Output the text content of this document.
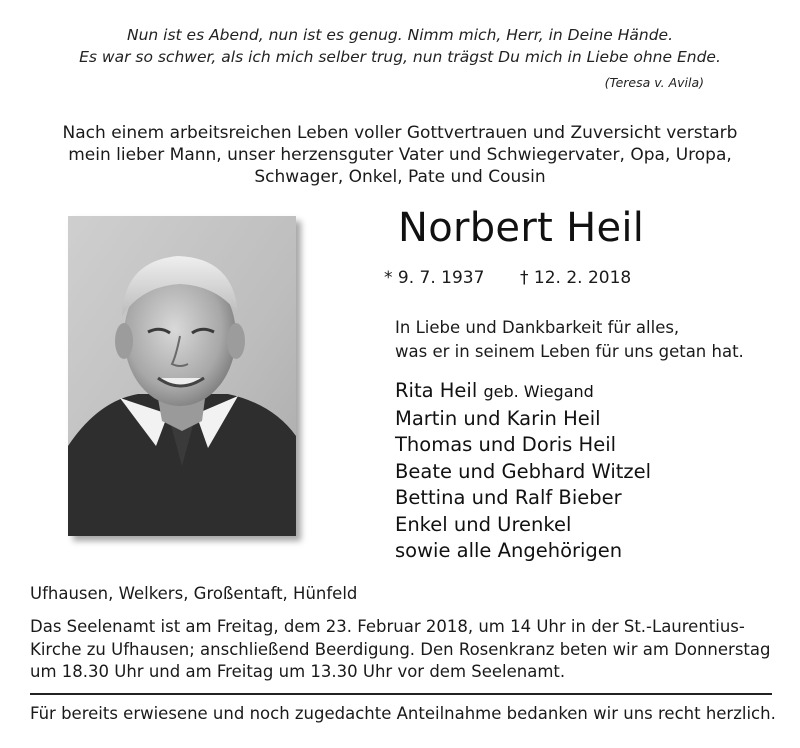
Nun ist es Abend, nun ist es genug. Nimm mich, Herr, in Deine Hände.
Es war so schwer, als ich mich selber trug, nun trägst Du mich in Liebe ohne Ende.
(Teresa v. Avila)
Nach einem arbeitsreichen Leben voller Gottvertrauen und Zuversicht verstarb
mein lieber Mann, unser herzensguter Vater und Schwiegervater, Opa, Uropa,
Schwager, Onkel, Pate und Cousin
Norbert Heil
* 9. 7. 1937 † 12. 2. 2018
In Liebe und Dankbarkeit für alles,
was er in seinem Leben für uns getan hat.
Rita Heil geb. Wiegand
Martin und Karin Heil
Thomas und Doris Heil
Beate und Gebhard Witzel
Bettina und Ralf Bieber
Enkel und Urenkel
sowie alle Angehörigen
Ufhausen, Welkers, Großentaft, Hünfeld
Das Seelenamt ist am Freitag, dem 23. Februar 2018, um 14 Uhr in der St.-Laurentius-
Kirche zu Ufhausen; anschließend Beerdigung. Den Rosenkranz beten wir am Donnerstag
um 18.30 Uhr und am Freitag um 13.30 Uhr vor dem Seelenamt.
Für bereits erwiesene und noch zugedachte Anteilnahme bedanken wir uns recht herzlich.
